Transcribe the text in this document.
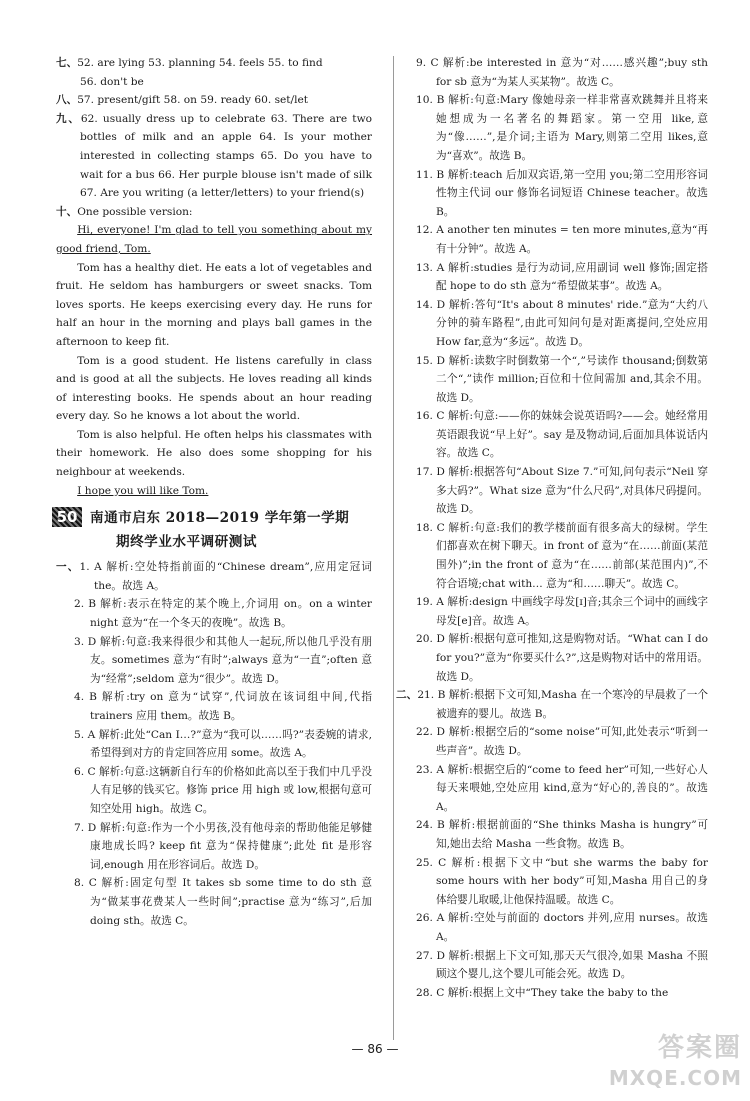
七、52. are lying 53. planning 54. feels 55. to find
56. don't be

八、57. present/gift 58. on 59. ready 60. set/let

九、62. usually dress up to celebrate 63. There are two bottles of milk and an apple 64. Is your mother interested in collecting stamps 65. Do you have to wait for a bus 66. Her purple blouse isn't made of silk 67. Are you writing (a letter/letters) to your friend(s)

十、One possible version:

Hi, everyone! I'm glad to tell you something about my good friend, Tom.

Tom has a healthy diet. He eats a lot of vegetables and fruit. He seldom has hamburgers or sweet snacks. Tom loves sports. He keeps exercising every day. He runs for half an hour in the morning and plays ball games in the afternoon to keep fit.

Tom is a good student. He listens carefully in class and is good at all the subjects. He loves reading all kinds of interesting books. He spends about an hour reading every day. So he knows a lot about the world.

Tom is also helpful. He often helps his classmates with their homework. He also does some shopping for his neighbour at weekends.

I hope you will like Tom.

50 南通市启东 2018—2019 学年第一学期
期终学业水平调研测试

一、1. A 解析:空处特指前面的“Chinese dream”,应用定冠词 the。故选 A。

2. B 解析:表示在特定的某个晚上,介词用 on。on a winter night 意为“在一个冬天的夜晚”。故选 B。

3. D 解析:句意:我来得很少和其他人一起玩,所以他几乎没有朋友。sometimes 意为“有时”;always 意为“一直”;often 意为“经常”;seldom 意为“很少”。故选 D。

4. B 解析:try on 意为“试穿”,代词放在该词组中间,代指 trainers 应用 them。故选 B。

5. A 解析:此处“Can I…?”意为“我可以……吗?”表委婉的请求,希望得到对方的肯定回答应用 some。故选 A。

6. C 解析:句意:这辆新自行车的价格如此高以至于我们中几乎没人有足够的钱买它。修饰 price 用 high 或 low,根据句意可知空处用 high。故选 C。

7. D 解析:句意:作为一个小男孩,没有他母亲的帮助他能足够健康地成长吗? keep fit 意为“保持健康”;此处 fit 是形容词,enough 用在形容词后。故选 D。

8. C 解析:固定句型 It takes sb some time to do sth 意为“做某事花费某人一些时间”;practise 意为“练习”,后加 doing sth。故选 C。

9. C 解析:be interested in 意为“对……感兴趣”;buy sth for sb 意为“为某人买某物”。故选 C。

10. B 解析:句意:Mary 像她母亲一样非常喜欢跳舞并且将来她想成为一名著名的舞蹈家。第一空用 like,意为“像……”,是介词;主语为 Mary,则第二空用 likes,意为“喜欢”。故选 B。

11. B 解析:teach 后加双宾语,第一空用 you;第二空用形容词性物主代词 our 修饰名词短语 Chinese teacher。故选 B。

12. A another ten minutes = ten more minutes,意为“再有十分钟”。故选 A。

13. A 解析:studies 是行为动词,应用副词 well 修饰;固定搭配 hope to do sth 意为“希望做某事”。故选 A。

14. D 解析:答句“It's about 8 minutes' ride.”意为“大约八分钟的骑车路程”,由此可知问句是对距离提问,空处应用 How far,意为“多远”。故选 D。

15. D 解析:读数字时倒数第一个“,”号读作 thousand;倒数第二个“,”读作 million;百位和十位间需加 and,其余不用。故选 D。

16. C 解析:句意:——你的妹妹会说英语吗?——会。她经常用英语跟我说“早上好”。say 是及物动词,后面加具体说话内容。故选 C。

17. D 解析:根据答句“About Size 7.”可知,问句表示“Neil 穿多大码?”。What size 意为“什么尺码”,对具体尺码提问。故选 D。

18. C 解析:句意:我们的教学楼前面有很多高大的绿树。学生们都喜欢在树下聊天。in front of 意为“在……前面(某范围外)”;in the front of 意为“在……前部(某范围内)”,不符合语境;chat with… 意为“和……聊天”。故选 C。

19. A 解析:design 中画线字母发[ɪ]音;其余三个词中的画线字母发[e]音。故选 A。

20. D 解析:根据句意可推知,这是购物对话。“What can I do for you?”意为“你要买什么?”,这是购物对话中的常用语。故选 D。

二、21. B 解析:根据下文可知,Masha 在一个寒冷的早晨救了一个被遗弃的婴儿。故选 B。

22. D 解析:根据空后的“some noise”可知,此处表示“听到一些声音”。故选 D。

23. A 解析:根据空后的“come to feed her”可知,一些好心人每天来喂她,空处应用 kind,意为“好心的,善良的”。故选 A。

24. B 解析:根据前面的“She thinks Masha is hungry”可知,她出去给 Masha 一些食物。故选 B。

25. C 解析:根据下文中“but she warms the baby for some hours with her body”可知,Masha 用自己的身体给婴儿取暖,让他保持温暖。故选 C。

26. A 解析:空处与前面的 doctors 并列,应用 nurses。故选 A。

27. D 解析:根据上下文可知,那天天气很冷,如果 Masha 不照顾这个婴儿,这个婴儿可能会死。故选 D。

28. C 解析:根据上文中“They take the baby to the

— 86 —	答案圈
MXQE.COM
